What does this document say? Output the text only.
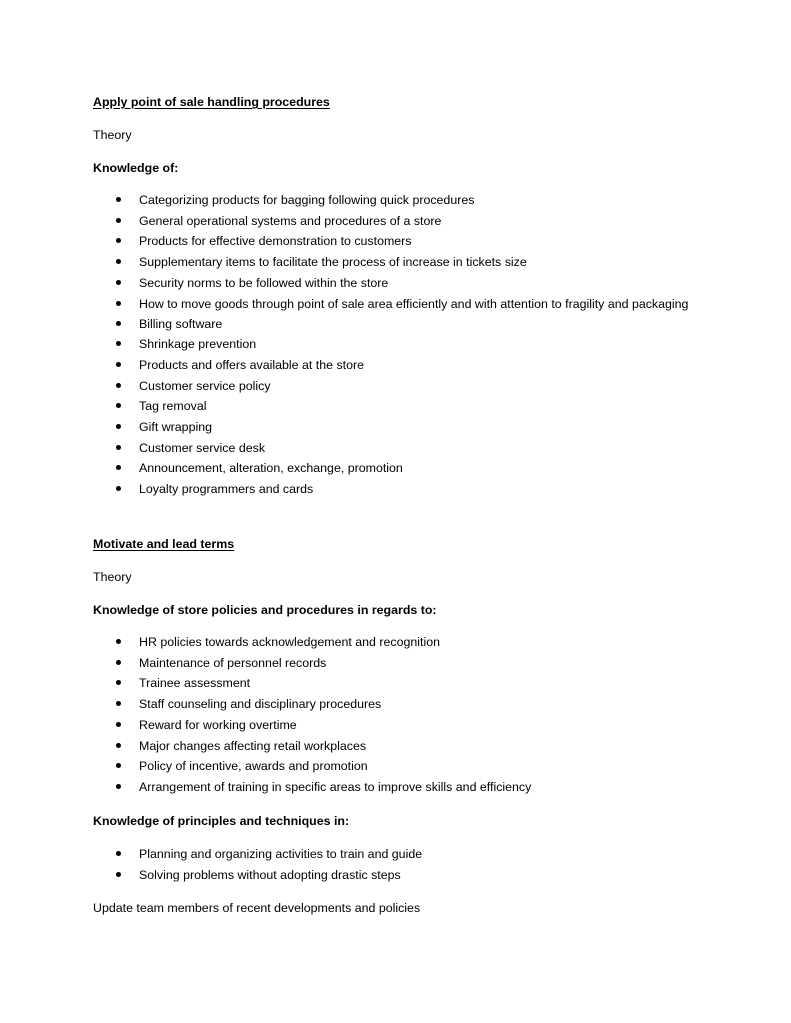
Apply point of sale handling procedures
Theory
Knowledge of:
Categorizing products for bagging following quick procedures
General operational systems and procedures of a store
Products for effective demonstration to customers
Supplementary items to facilitate the process of increase in tickets size
Security norms to be followed within the store
How to move goods through point of sale area efficiently and with attention to fragility and packaging
Billing software
Shrinkage prevention
Products and offers available at the store
Customer service policy
Tag removal
Gift wrapping
Customer service desk
Announcement, alteration, exchange, promotion
Loyalty programmers and cards
Motivate and lead terms
Theory
Knowledge of store policies and procedures in regards to:
HR policies towards acknowledgement and recognition
Maintenance of personnel records
Trainee assessment
Staff counseling and disciplinary procedures
Reward for working overtime
Major changes affecting retail workplaces
Policy of incentive, awards and promotion
Arrangement of training in specific areas to improve skills and efficiency
Knowledge of principles and techniques in:
Planning and organizing activities to train and guide
Solving problems without adopting drastic steps
Update team members of recent developments and policies
